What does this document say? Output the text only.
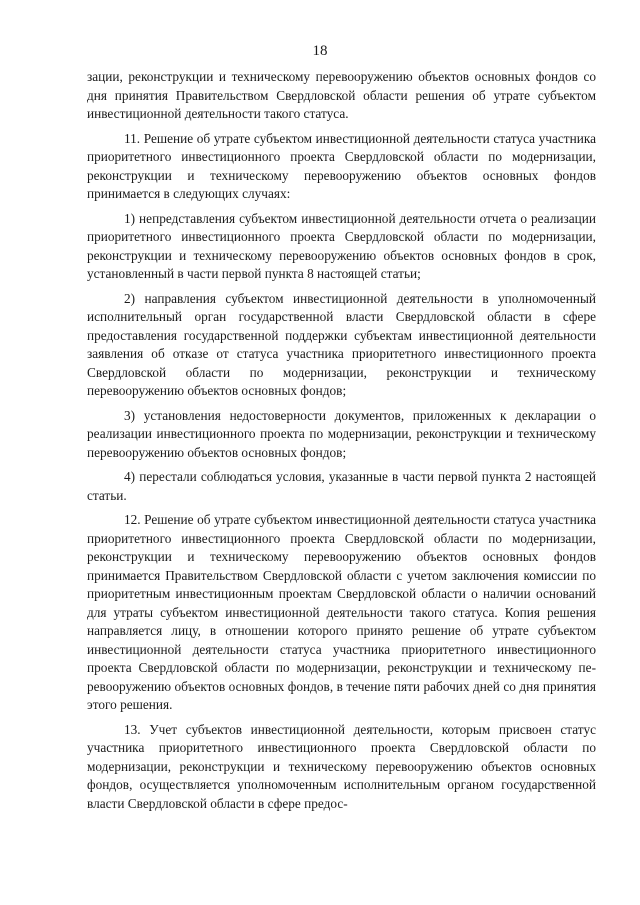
18

зации, реконструкции и техническому перевооружению объектов основных фондов со дня принятия Правительством Свердловской области решения об утрате субъектом инвестиционной деятельности такого статуса.

11. Решение об утрате субъектом инвестиционной деятельности статуса участника приоритетного инвестиционного проекта Свердловской области по модернизации, реконструкции и техническому перевооружению объектов основных фондов принимается в следующих случаях:

1) непредставления субъектом инвестиционной деятельности отчета о реализации приоритетного инвестиционного проекта Свердловской области по модернизации, реконструкции и техническому перевооружению объектов основных фондов в срок, установленный в части первой пункта 8 настоящей статьи;

2) направления субъектом инвестиционной деятельности в уполномоченный исполнительный орган государственной власти Свердловской области в сфере предоставления государственной поддержки субъектам инвестиционной деятельности заявления об отказе от статуса участника приоритетного инвестиционного проекта Свердловской области по модернизации, реконструкции и техническому перевооружению объектов основных фондов;

3) установления недостоверности документов, приложенных к декларации о реализации инвестиционного проекта по модернизации, реконструкции и техническому перевооружению объектов основных фондов;

4) перестали соблюдаться условия, указанные в части первой пункта 2 настоящей статьи.

12. Решение об утрате субъектом инвестиционной деятельности статуса участника приоритетного инвестиционного проекта Свердловской области по модернизации, реконструкции и техническому перевооружению объектов основных фондов принимается Правительством Свердловской области с учетом заключения комиссии по приоритетным инвестиционным проектам Свердловской области о наличии оснований для утраты субъектом инвестиционной деятельности такого статуса. Копия решения направляется лицу, в отношении которого принято решение об утрате субъектом инвестиционной деятельности статуса участника приоритетного инвестиционного проекта Свердловской области по модернизации, реконструкции и техническому перевооружению объектов основных фондов, в течение пяти рабочих дней со дня принятия этого решения.

13. Учет субъектов инвестиционной деятельности, которым присвоен статус участника приоритетного инвестиционного проекта Свердловской области по модернизации, реконструкции и техническому перевооружению объектов основных фондов, осуществляется уполномоченным исполнительным органом государственной власти Свердловской области в сфере предос-
